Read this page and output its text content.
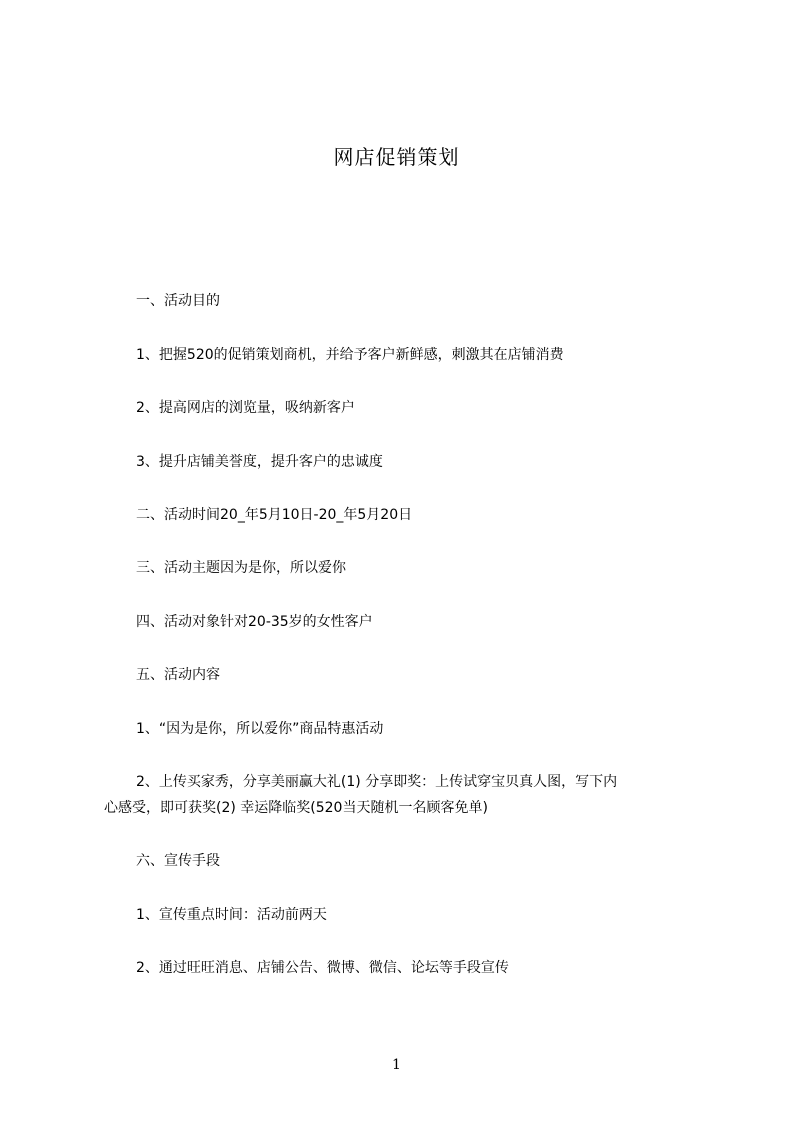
网店促销策划
一、活动目的
1、把握520的促销策划商机，并给予客户新鲜感，刺激其在店铺消费
2、提高网店的浏览量，吸纳新客户
3、提升店铺美誉度，提升客户的忠诚度
二、活动时间20_年5月10日-20_年5月20日
三、活动主题因为是你，所以爱你
四、活动对象针对20-35岁的女性客户
五、活动内容
1、“因为是你，所以爱你”商品特惠活动
2、上传买家秀，分享美丽赢大礼(1) 分享即奖：上传试穿宝贝真人图，写下内
心感受，即可获奖(2) 幸运降临奖(520当天随机一名顾客免单)
六、宣传手段
1、宣传重点时间：活动前两天
2、通过旺旺消息、店铺公告、微博、微信、论坛等手段宣传
1
